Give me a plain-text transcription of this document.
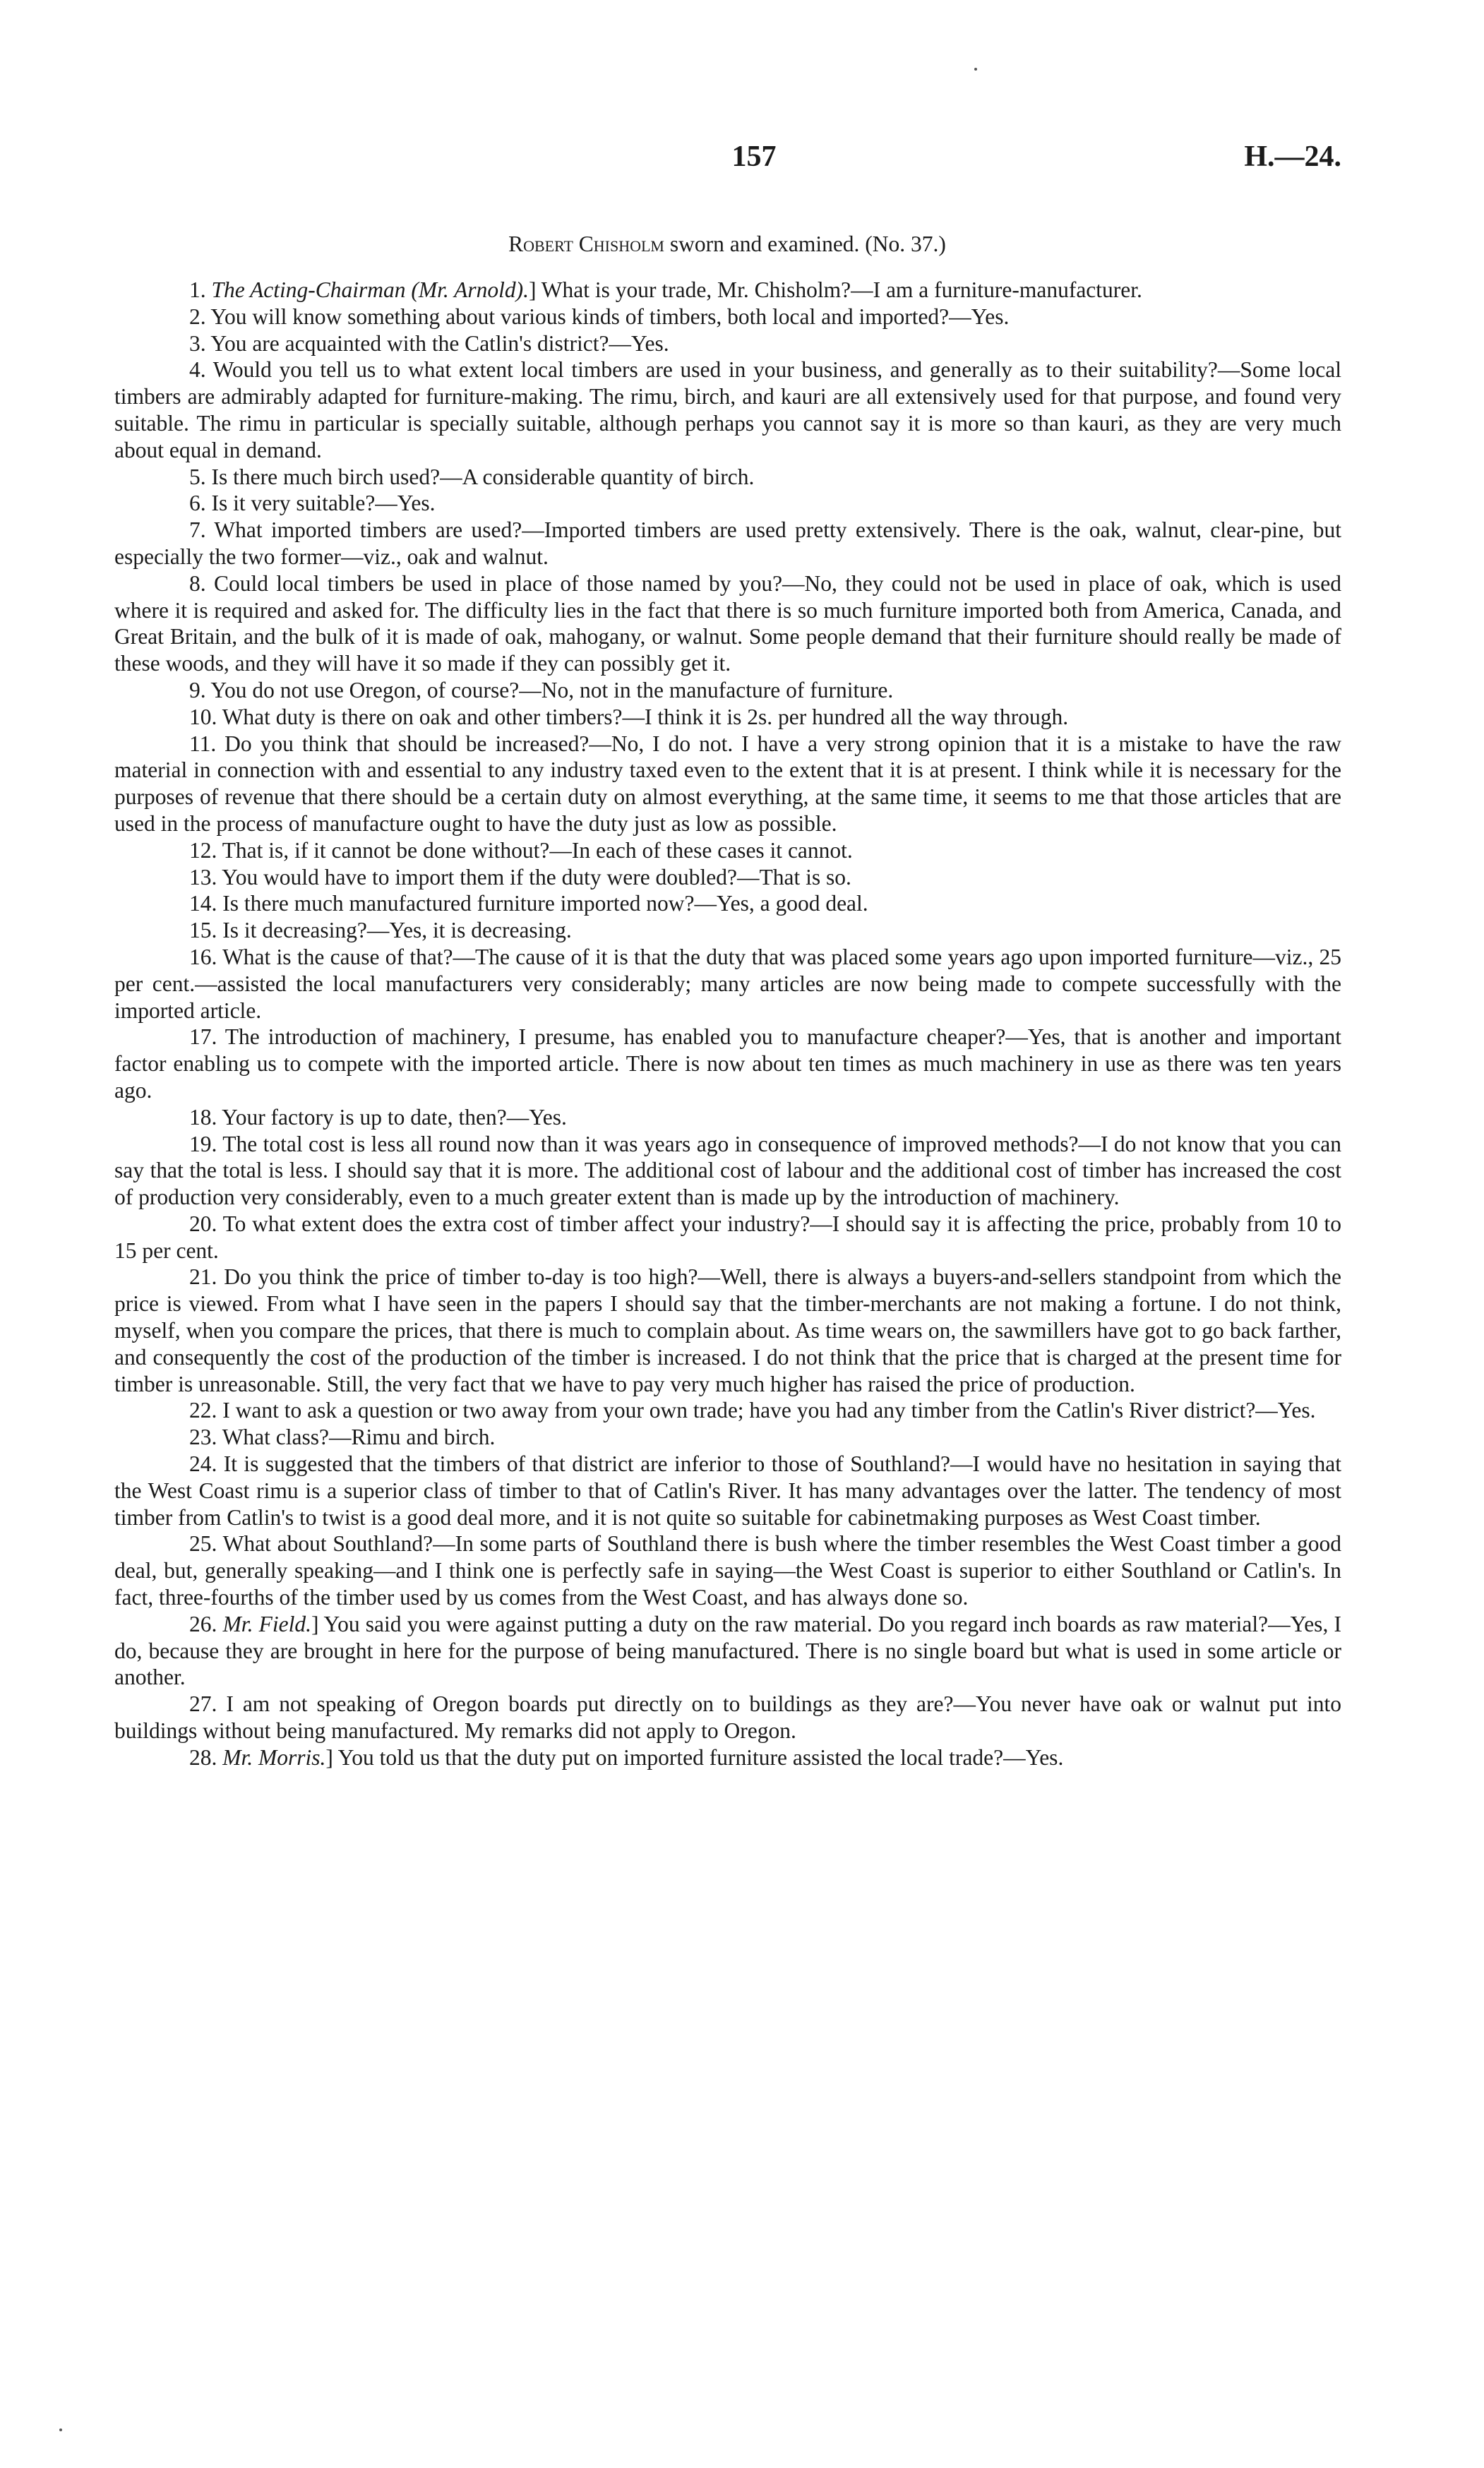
157	H.—24.
Robert Chisholm sworn and examined. (No. 37.)

1. The Acting-Chairman (Mr. Arnold).] What is your trade, Mr. Chisholm?—I am a furniture-manufacturer.

2. You will know something about various kinds of timbers, both local and imported?—Yes.

3. You are acquainted with the Catlin's district?—Yes.

4. Would you tell us to what extent local timbers are used in your business, and generally as to their suitability?—Some local timbers are admirably adapted for furniture-making. The rimu, birch, and kauri are all extensively used for that purpose, and found very suitable. The rimu in particular is specially suitable, although perhaps you cannot say it is more so than kauri, as they are very much about equal in demand.

5. Is there much birch used?—A considerable quantity of birch.

6. Is it very suitable?—Yes.

7. What imported timbers are used?—Imported timbers are used pretty extensively. There is the oak, walnut, clear-pine, but especially the two former—viz., oak and walnut.

8. Could local timbers be used in place of those named by you?—No, they could not be used in place of oak, which is used where it is required and asked for. The difficulty lies in the fact that there is so much furniture imported both from America, Canada, and Great Britain, and the bulk of it is made of oak, mahogany, or walnut. Some people demand that their furniture should really be made of these woods, and they will have it so made if they can possibly get it.

9. You do not use Oregon, of course?—No, not in the manufacture of furniture.

10. What duty is there on oak and other timbers?—I think it is 2s. per hundred all the way through.

11. Do you think that should be increased?—No, I do not. I have a very strong opinion that it is a mistake to have the raw material in connection with and essential to any industry taxed even to the extent that it is at present. I think while it is necessary for the purposes of revenue that there should be a certain duty on almost everything, at the same time, it seems to me that those articles that are used in the process of manufacture ought to have the duty just as low as possible.

12. That is, if it cannot be done without?—In each of these cases it cannot.

13. You would have to import them if the duty were doubled?—That is so.

14. Is there much manufactured furniture imported now?—Yes, a good deal.

15. Is it decreasing?—Yes, it is decreasing.

16. What is the cause of that?—The cause of it is that the duty that was placed some years ago upon imported furniture—viz., 25 per cent.—assisted the local manufacturers very considerably; many articles are now being made to compete successfully with the imported article.

17. The introduction of machinery, I presume, has enabled you to manufacture cheaper?—Yes, that is another and important factor enabling us to compete with the imported article. There is now about ten times as much machinery in use as there was ten years ago.

18. Your factory is up to date, then?—Yes.

19. The total cost is less all round now than it was years ago in consequence of improved methods?—I do not know that you can say that the total is less. I should say that it is more. The additional cost of labour and the additional cost of timber has increased the cost of production very considerably, even to a much greater extent than is made up by the introduction of machinery.

20. To what extent does the extra cost of timber affect your industry?—I should say it is affecting the price, probably from 10 to 15 per cent.

21. Do you think the price of timber to-day is too high?—Well, there is always a buyers-and-sellers standpoint from which the price is viewed. From what I have seen in the papers I should say that the timber-merchants are not making a fortune. I do not think, myself, when you compare the prices, that there is much to complain about. As time wears on, the sawmillers have got to go back farther, and consequently the cost of the production of the timber is increased. I do not think that the price that is charged at the present time for timber is unreasonable. Still, the very fact that we have to pay very much higher has raised the price of production.

22. I want to ask a question or two away from your own trade; have you had any timber from the Catlin's River district?—Yes.

23. What class?—Rimu and birch.

24. It is suggested that the timbers of that district are inferior to those of Southland?—I would have no hesitation in saying that the West Coast rimu is a superior class of timber to that of Catlin's River. It has many advantages over the latter. The tendency of most timber from Catlin's to twist is a good deal more, and it is not quite so suitable for cabinetmaking purposes as West Coast timber.

25. What about Southland?—In some parts of Southland there is bush where the timber resembles the West Coast timber a good deal, but, generally speaking—and I think one is perfectly safe in saying—the West Coast is superior to either Southland or Catlin's. In fact, three-fourths of the timber used by us comes from the West Coast, and has always done so.

26. Mr. Field.] You said you were against putting a duty on the raw material. Do you regard inch boards as raw material?—Yes, I do, because they are brought in here for the purpose of being manufactured. There is no single board but what is used in some article or another.

27. I am not speaking of Oregon boards put directly on to buildings as they are?—You never have oak or walnut put into buildings without being manufactured. My remarks did not apply to Oregon.

28. Mr. Morris.] You told us that the duty put on imported furniture assisted the local trade?—Yes.
